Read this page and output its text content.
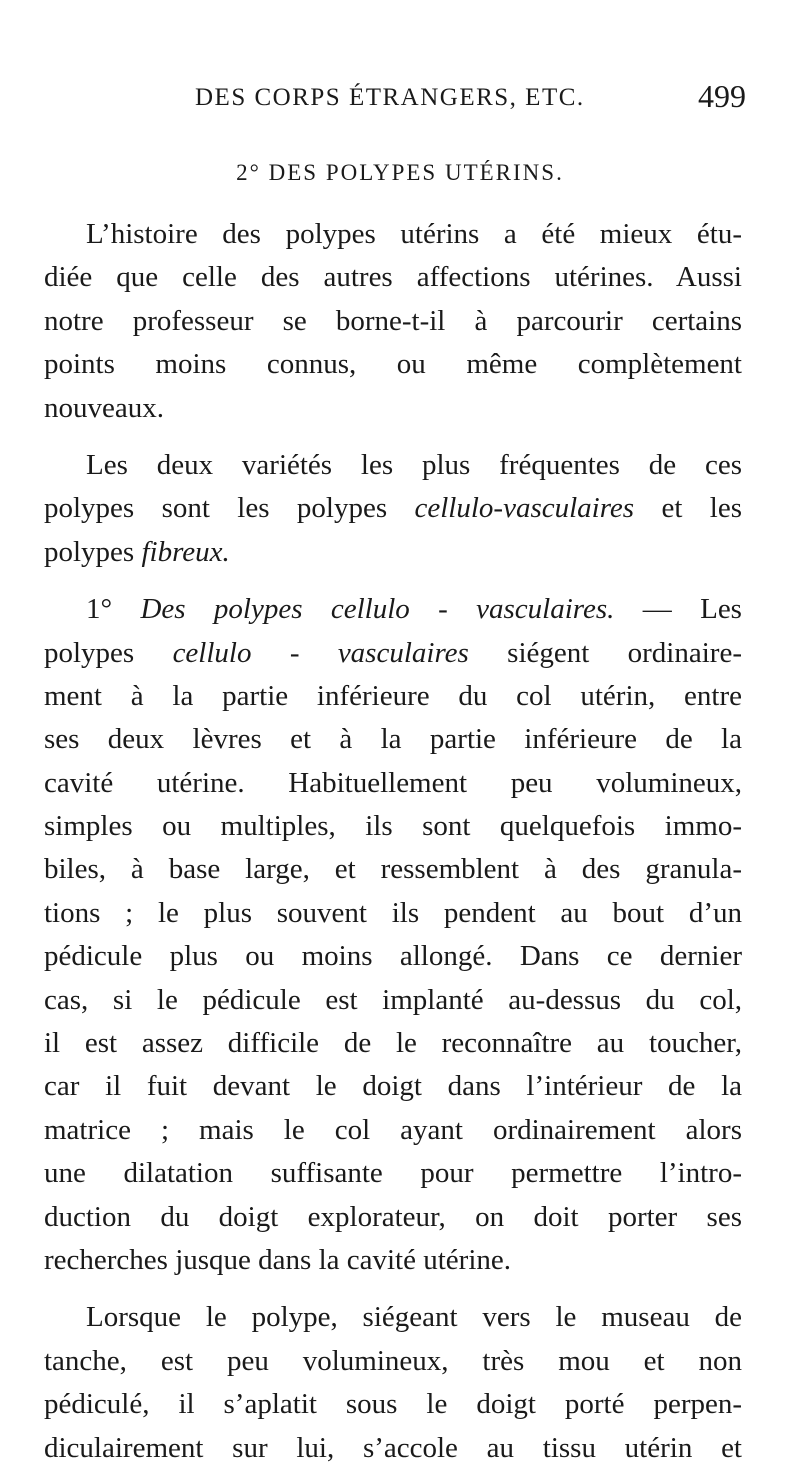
DES CORPS ÉTRANGERS, ETC.	499
2° DES POLYPES UTÉRINS.
L’histoire des polypes utérins a été mieux étu-
diée que celle des autres affections utérines. Aussi
notre professeur se borne-t-il à parcourir certains
points moins connus, ou même complètement
nouveaux.
Les deux variétés les plus fréquentes de ces
polypes sont les polypes cellulo-vasculaires et les
polypes fibreux.
1° Des polypes cellulo - vasculaires. — Les
polypes cellulo - vasculaires siégent ordinaire-
ment à la partie inférieure du col utérin, entre
ses deux lèvres et à la partie inférieure de la
cavité utérine. Habituellement peu volumineux,
simples ou multiples, ils sont quelquefois immo-
biles, à base large, et ressemblent à des granula-
tions ; le plus souvent ils pendent au bout d’un
pédicule plus ou moins allongé. Dans ce dernier
cas, si le pédicule est implanté au-dessus du col,
il est assez difficile de le reconnaître au toucher,
car il fuit devant le doigt dans l’intérieur de la
matrice ; mais le col ayant ordinairement alors
une dilatation suffisante pour permettre l’intro-
duction du doigt explorateur, on doit porter ses
recherches jusque dans la cavité utérine.
Lorsque le polype, siégeant vers le museau de
tanche, est peu volumineux, très mou et non
pédiculé, il s’aplatit sous le doigt porté perpen-
diculairement sur lui, s’accole au tissu utérin et
